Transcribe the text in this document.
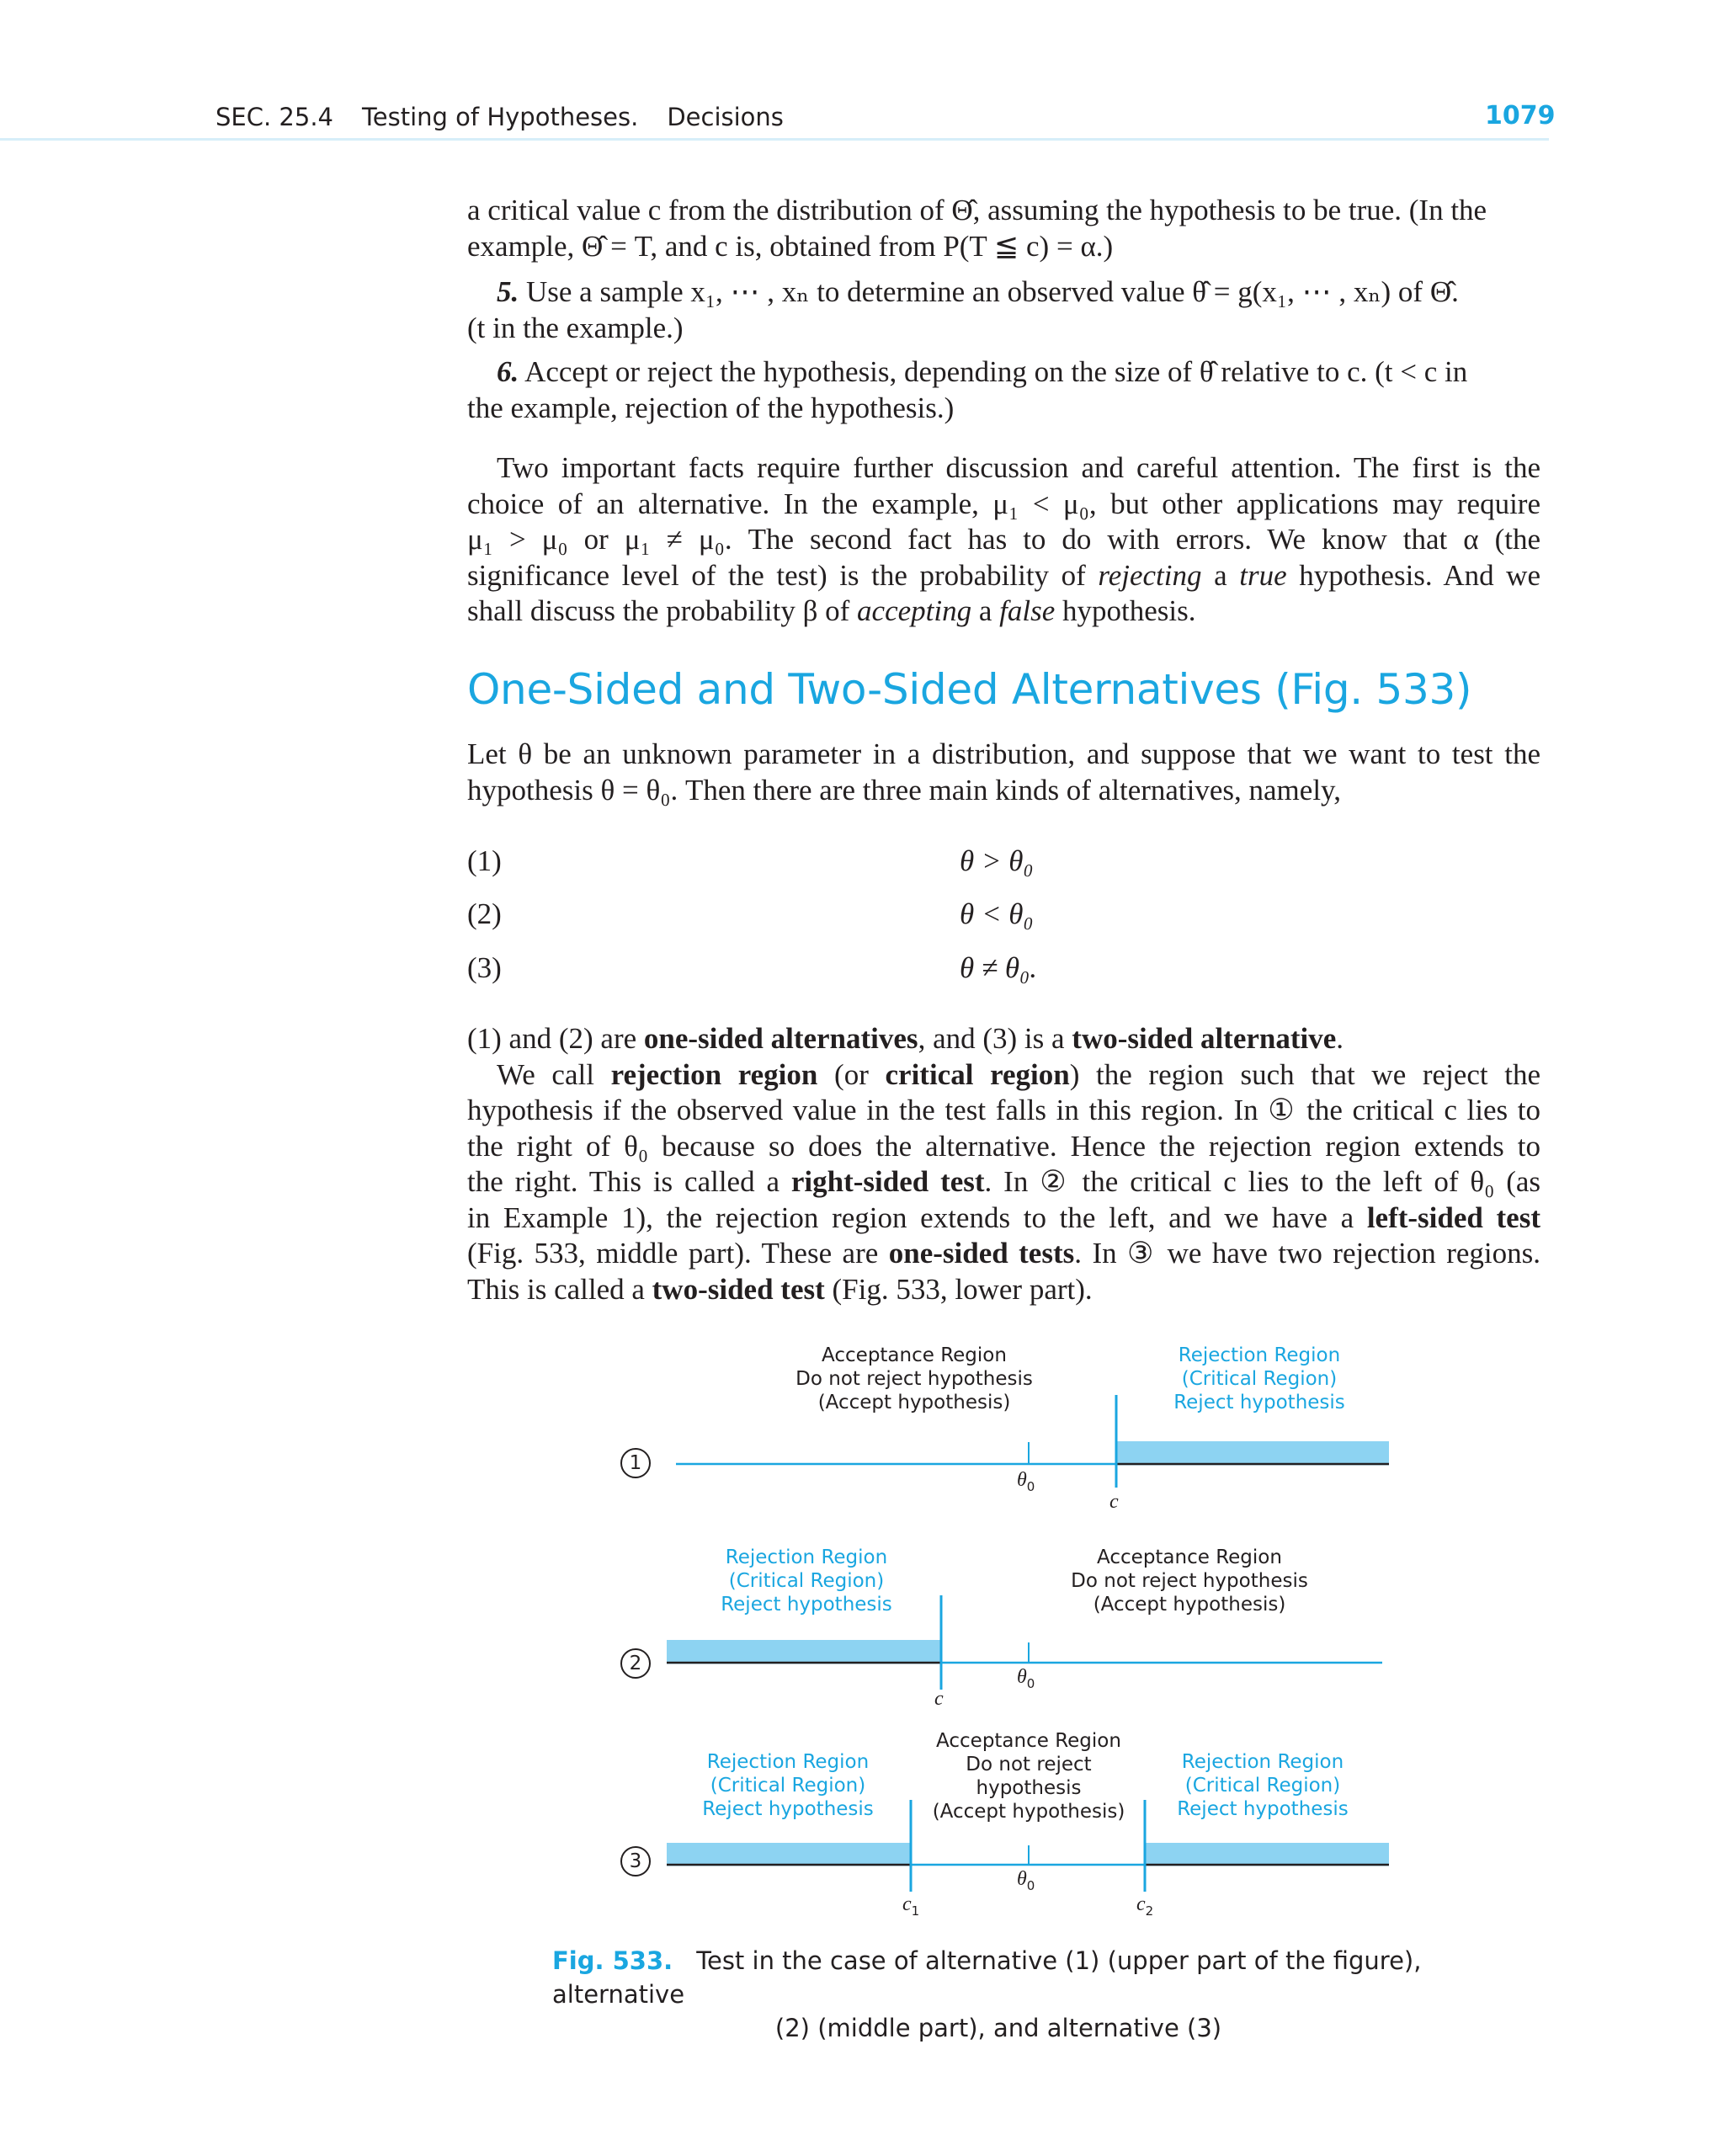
SEC. 25.4 Testing of Hypotheses. Decisions	1079
a critical value c from the distribution of Θ̂, assuming the hypothesis to be true. (In the
example, Θ̂ = T, and c is, obtained from P(T ≦ c) = α.)
5. Use a sample x₁, ⋯ , xₙ to determine an observed value θ̂ = g(x₁, ⋯ , xₙ) of Θ̂.
(t in the example.)
6. Accept or reject the hypothesis, depending on the size of θ̂ relative to c. (t < c in
the example, rejection of the hypothesis.)
Two important facts require further discussion and careful attention. The first is the
choice of an alternative. In the example, μ₁ < μ₀, but other applications may require
μ₁ > μ₀ or μ₁ ≠ μ₀. The second fact has to do with errors. We know that α (the
significance level of the test) is the probability of rejecting a true hypothesis. And we
shall discuss the probability β of accepting a false hypothesis.
One-Sided and Two-Sided Alternatives (Fig. 533)
Let θ be an unknown parameter in a distribution, and suppose that we want to test the
hypothesis θ = θ₀. Then there are three main kinds of alternatives, namely,
(1)	θ > θ₀
(2)	θ < θ₀
(3)	θ ≠ θ₀.
(1) and (2) are one-sided alternatives, and (3) is a two-sided alternative.
We call rejection region (or critical region) the region such that we reject the
hypothesis if the observed value in the test falls in this region. In ① the critical c lies to
the right of θ₀ because so does the alternative. Hence the rejection region extends to
the right. This is called a right-sided test. In ② the critical c lies to the left of θ₀ (as
in Example 1), the rejection region extends to the left, and we have a left-sided test
(Fig. 533, middle part). These are one-sided tests. In ③ we have two rejection regions.
This is called a two-sided test (Fig. 533, lower part).
1
Acceptance Region
Do not reject hypothesis
(Accept hypothesis)
Rejection Region
(Critical Region)
Reject hypothesis
$\theta_0$
c
2
Rejection Region
(Critical Region)
Reject hypothesis
Acceptance Region
Do not reject hypothesis
(Accept hypothesis)
$\theta_0$
c
3
Rejection Region
(Critical Region)
Reject hypothesis
Acceptance Region
Do not reject
hypothesis
(Accept hypothesis)
Rejection Region
(Critical Region)
Reject hypothesis
$\theta_0$
$c_1$	$c_2$
Fig. 533. Test in the case of alternative (1) (upper part of the figure), alternative
(2) (middle part), and alternative (3)
